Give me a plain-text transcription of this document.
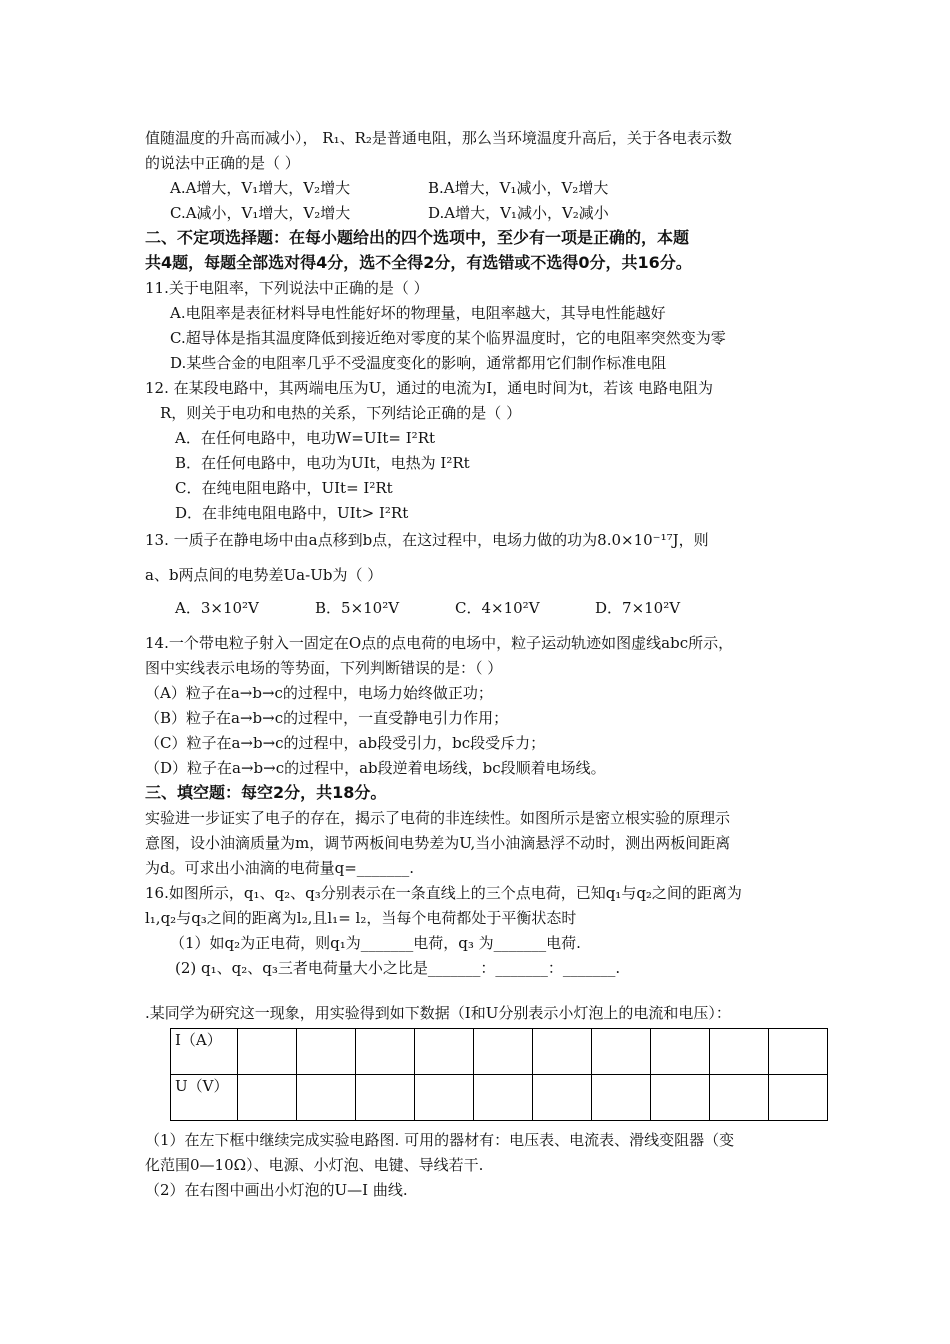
值随温度的升高而减小）， R₁、R₂是普通电阻，那么当环境温度升高后，关于各电表示数
的说法中正确的是（ ）
A.A增大，V₁增大，V₂增大	B.A增大，V₁减小，V₂增大
C.A减小，V₁增大，V₂增大	D.A增大，V₁减小，V₂减小
二、不定项选择题：在每小题给出的四个选项中，至少有一项是正确的，本题
共4题，每题全部选对得4分，选不全得2分，有选错或不选得0分，共16分。
11.关于电阻率，下列说法中正确的是（ ）
A.电阻率是表征材料导电性能好坏的物理量，电阻率越大，其导电性能越好
C.超导体是指其温度降低到接近绝对零度的某个临界温度时，它的电阻率突然变为零
D.某些合金的电阻率几乎不受温度变化的影响，通常都用它们制作标准电阻
12. 在某段电路中，其两端电压为U，通过的电流为I，通电时间为t，若该 电路电阻为
R，则关于电功和电热的关系，下列结论正确的是（ ）
A．在任何电路中，电功W=UIt= I²Rt
B．在任何电路中，电功为UIt，电热为 I²Rt
C．在纯电阻电路中，UIt= I²Rt
D．在非纯电阻电路中，UIt> I²Rt
13. 一质子在静电场中由a点移到b点，在这过程中，电场力做的功为8.0×10⁻¹⁷J，则
a、b两点间的电势差Ua-Ub为（ ）
A．3×10²V	B．5×10²V	C．4×10²V	D．7×10²V
14.一个带电粒子射入一固定在O点的点电荷的电场中，粒子运动轨迹如图虚线abc所示，
图中实线表示电场的等势面，下列判断错误的是：（ ）
（A）粒子在a→b→c的过程中，电场力始终做正功；
（B）粒子在a→b→c的过程中，一直受静电引力作用；
（C）粒子在a→b→c的过程中，ab段受引力，bc段受斥力；
（D）粒子在a→b→c的过程中，ab段逆着电场线，bc段顺着电场线。
三、填空题：每空2分，共18分。
实验进一步证实了电子的存在，揭示了电荷的非连续性。如图所示是密立根实验的原理示
意图，设小油滴质量为m，调节两板间电势差为U,当小油滴悬浮不动时，测出两板间距离
为d。可求出小油滴的电荷量q=_______.
16.如图所示，q₁、q₂、q₃分别表示在一条直线上的三个点电荷，已知q₁与q₂之间的距离为
l₁,q₂与q₃之间的距离为l₂,且l₁= l₂，当每个电荷都处于平衡状态时
（1）如q₂为正电荷，则q₁为_______电荷，q₃ 为_______电荷.
(2) q₁、q₂、q₃三者电荷量大小之比是_______：_______：_______.
.某同学为研究这一现象，用实验得到如下数据（I和U分别表示小灯泡上的电流和电压）：
I（A）										
U（V）										
（1）在左下框中继续完成实验电路图. 可用的器材有：电压表、电流表、滑线变阻器（变
化范围0—10Ω）、电源、小灯泡、电键、导线若干.
（2）在右图中画出小灯泡的U—I 曲线.
